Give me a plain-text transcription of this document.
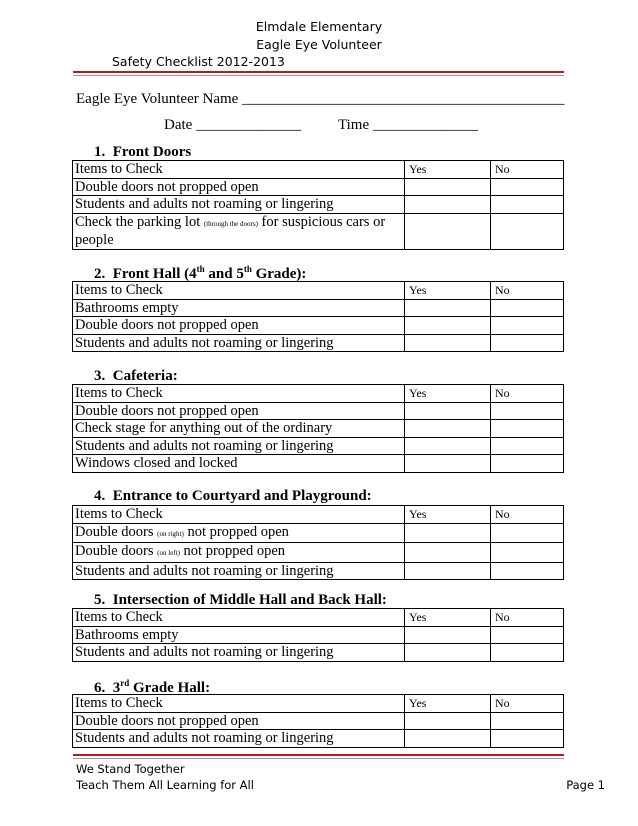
Elmdale Elementary
Eagle Eye Volunteer
Safety Checklist 2012-2013
Eagle Eye Volunteer Name ___________________________________________
Date ______________ Time ______________
1. Front Doors
Items to Check	Yes	No
Double doors not propped open		
Students and adults not roaming or lingering		
Check the parking lot (through the doors) for suspicious cars or people		
2. Front Hall (4th and 5th Grade):
Items to Check	Yes	No
Bathrooms empty		
Double doors not propped open		
Students and adults not roaming or lingering		
3. Cafeteria:
Items to Check	Yes	No
Double doors not propped open		
Check stage for anything out of the ordinary		
Students and adults not roaming or lingering		
Windows closed and locked		
4. Entrance to Courtyard and Playground:
Items to Check	Yes	No
Double doors (on right) not propped open		
Double doors (on left) not propped open		
Students and adults not roaming or lingering		
5. Intersection of Middle Hall and Back Hall:
Items to Check	Yes	No
Bathrooms empty		
Students and adults not roaming or lingering		
6. 3rd Grade Hall:
Items to Check	Yes	No
Double doors not propped open		
Students and adults not roaming or lingering		
We Stand Together
Teach Them All Learning for All	Page 1
